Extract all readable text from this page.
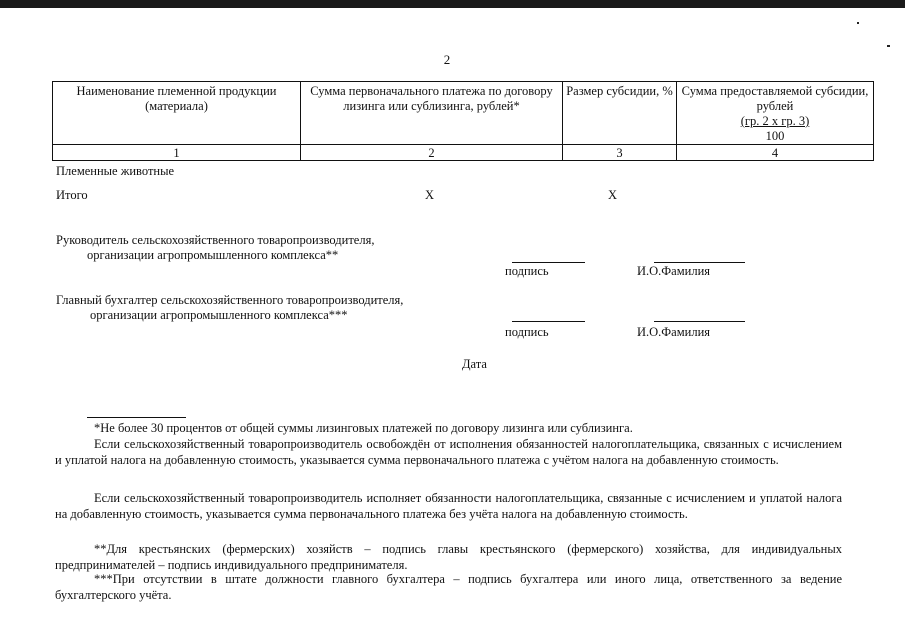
2
Наименование племенной продукции (материала)	Сумма первоначального платежа по договору лизинга или сублизинга, рублей*	Размер субсидии, %	Сумма предоставляемой субсидии, рублей
(гр. 2 х гр. 3)
100

1	2	3	4
Племенные животные
Итого	X	X
Руководитель сельскохозяйственного товаропроизводителя,
организации агропромышленного комплекса**
подпись	И.О.Фамилия
Главный бухгалтер сельскохозяйственного товаропроизводителя,
организации агропромышленного комплекса***
подпись	И.О.Фамилия
Дата
*Не более 30 процентов от общей суммы лизинговых платежей по договору лизинга или сублизинга.
Если сельскохозяйственный товаропроизводитель освобождён от исполнения обязанностей налогоплательщика, связанных с исчислением и уплатой налога на добавленную стоимость, указывается сумма первоначального платежа с учётом налога на добавленную стоимость.
Если сельскохозяйственный товаропроизводитель исполняет обязанности налогоплательщика, связанные с исчислением и уплатой налога на добавленную стоимость, указывается сумма первоначального платежа без учёта налога на добавленную стоимость.
**Для крестьянских (фермерских) хозяйств – подпись главы крестьянского (фермерского) хозяйства, для индивидуальных предпринимателей – подпись индивидуального предпринимателя.
***При отсутствии в штате должности главного бухгалтера – подпись бухгалтера или иного лица, ответственного за ведение бухгалтерского учёта.
